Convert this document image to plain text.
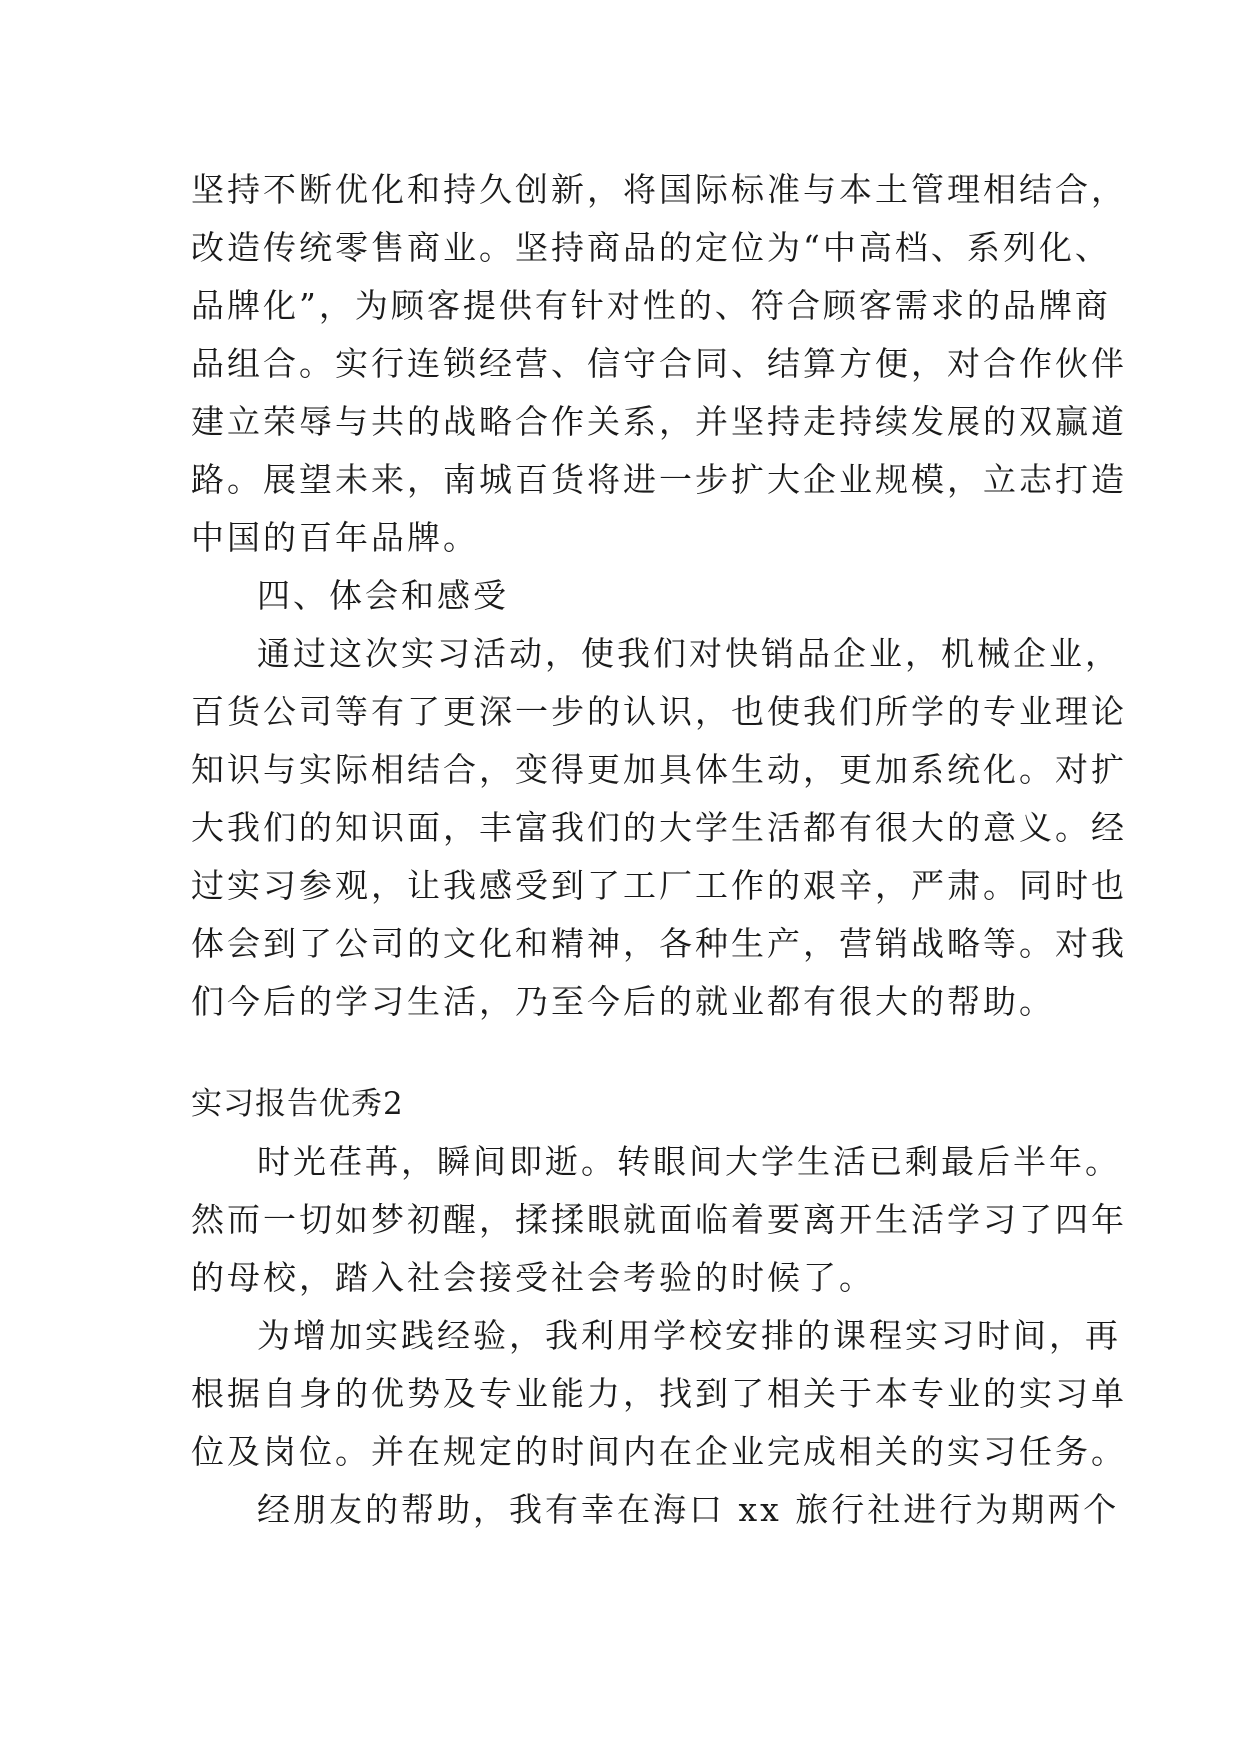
坚持不断优化和持久创新，将国际标准与本土管理相结合，
改造传统零售商业。坚持商品的定位为“中高档、系列化、
品牌化”，为顾客提供有针对性的、符合顾客需求的品牌商
品组合。实行连锁经营、信守合同、结算方便，对合作伙伴
建立荣辱与共的战略合作关系，并坚持走持续发展的双赢道
路。展望未来，南城百货将进一步扩大企业规模，立志打造
中国的百年品牌。
四、体会和感受
通过这次实习活动，使我们对快销品企业，机械企业，
百货公司等有了更深一步的认识，也使我们所学的专业理论
知识与实际相结合，变得更加具体生动，更加系统化。对扩
大我们的知识面，丰富我们的大学生活都有很大的意义。经
过实习参观，让我感受到了工厂工作的艰辛，严肃。同时也
体会到了公司的文化和精神，各种生产，营销战略等。对我
们今后的学习生活，乃至今后的就业都有很大的帮助。
实习报告优秀2
时光荏苒，瞬间即逝。转眼间大学生活已剩最后半年。
然而一切如梦初醒，揉揉眼就面临着要离开生活学习了四年
的母校，踏入社会接受社会考验的时候了。
为增加实践经验，我利用学校安排的课程实习时间，再
根据自身的优势及专业能力，找到了相关于本专业的实习单
位及岗位。并在规定的时间内在企业完成相关的实习任务。
经朋友的帮助，我有幸在海口 xx 旅行社进行为期两个
